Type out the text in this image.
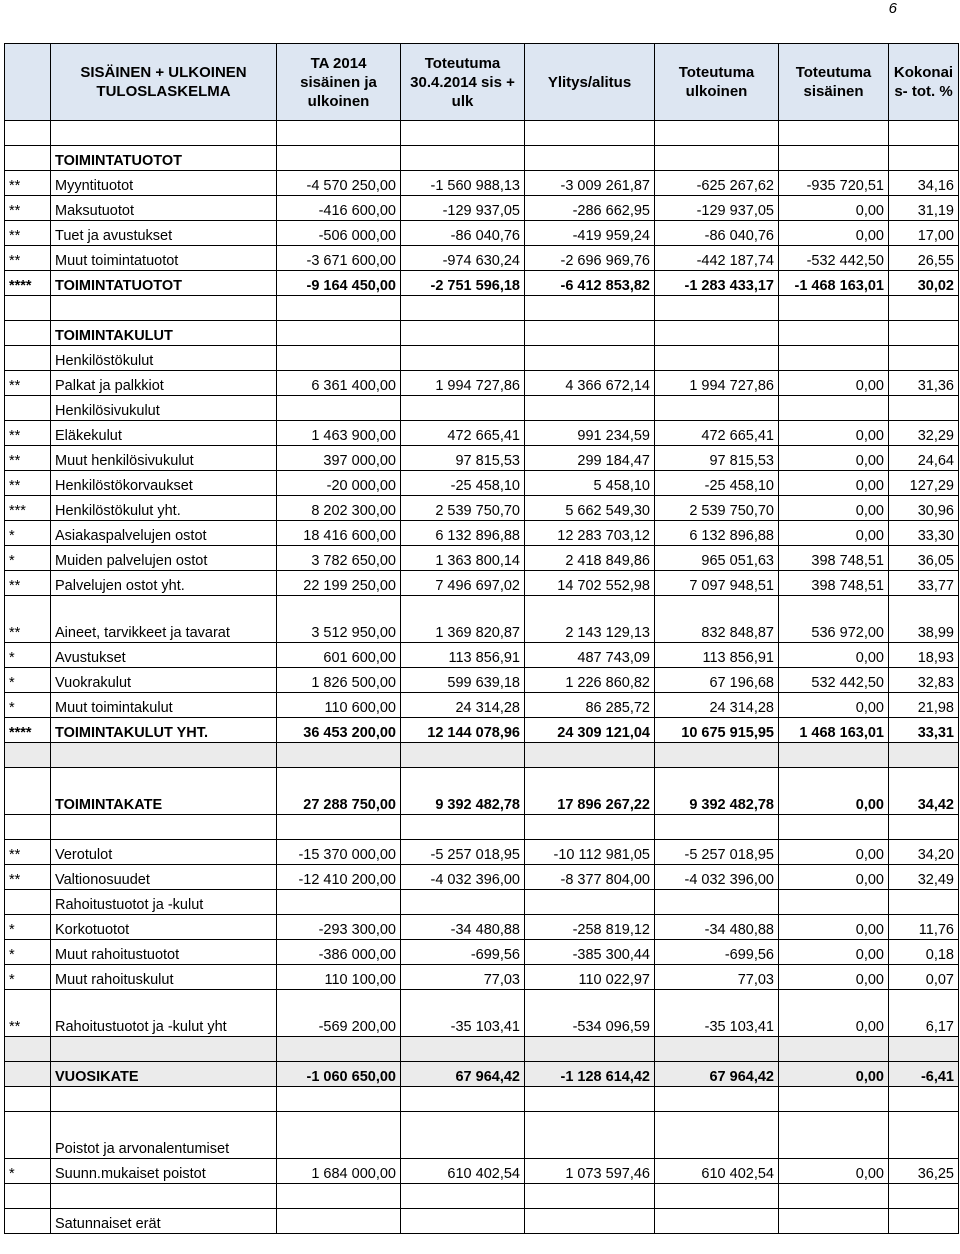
6
	SISÄINEN + ULKOINEN TULOSLASKELMA	TA 2014 sisäinen ja ulkoinen	Toteutuma 30.4.2014 sis + ulk	Ylitys/alitus	Toteutuma ulkoinen	Toteutuma sisäinen	Kokonai s- tot. %

	TOIMINTATUOTOT						
**	Myyntituotot	-4 570 250,00	-1 560 988,13	-3 009 261,87	-625 267,62	-935 720,51	34,16
**	Maksutuotot	-416 600,00	-129 937,05	-286 662,95	-129 937,05	0,00	31,19
**	Tuet ja avustukset	-506 000,00	-86 040,76	-419 959,24	-86 040,76	0,00	17,00
**	Muut toimintatuotot	-3 671 600,00	-974 630,24	-2 696 969,76	-442 187,74	-532 442,50	26,55
****	TOIMINTATUOTOT	-9 164 450,00	-2 751 596,18	-6 412 853,82	-1 283 433,17	-1 468 163,01	30,02

	TOIMINTAKULUT						
	Henkilöstökulut						
**	Palkat ja palkkiot	6 361 400,00	1 994 727,86	4 366 672,14	1 994 727,86	0,00	31,36
	Henkilösivukulut						
**	Eläkekulut	1 463 900,00	472 665,41	991 234,59	472 665,41	0,00	32,29
**	Muut henkilösivukulut	397 000,00	97 815,53	299 184,47	97 815,53	0,00	24,64
**	Henkilöstökorvaukset	-20 000,00	-25 458,10	5 458,10	-25 458,10	0,00	127,29
***	Henkilöstökulut yht.	8 202 300,00	2 539 750,70	5 662 549,30	2 539 750,70	0,00	30,96
*	Asiakaspalvelujen ostot	18 416 600,00	6 132 896,88	12 283 703,12	6 132 896,88	0,00	33,30
*	Muiden palvelujen ostot	3 782 650,00	1 363 800,14	2 418 849,86	965 051,63	398 748,51	36,05
**	Palvelujen ostot yht.	22 199 250,00	7 496 697,02	14 702 552,98	7 097 948,51	398 748,51	33,77
**	Aineet, tarvikkeet ja tavarat	3 512 950,00	1 369 820,87	2 143 129,13	832 848,87	536 972,00	38,99
*	Avustukset	601 600,00	113 856,91	487 743,09	113 856,91	0,00	18,93
*	Vuokrakulut	1 826 500,00	599 639,18	1 226 860,82	67 196,68	532 442,50	32,83
*	Muut toimintakulut	110 600,00	24 314,28	86 285,72	24 314,28	0,00	21,98
****	TOIMINTAKULUT YHT.	36 453 200,00	12 144 078,96	24 309 121,04	10 675 915,95	1 468 163,01	33,31

	TOIMINTAKATE	27 288 750,00	9 392 482,78	17 896 267,22	9 392 482,78	0,00	34,42

**	Verotulot	-15 370 000,00	-5 257 018,95	-10 112 981,05	-5 257 018,95	0,00	34,20
**	Valtionosuudet	-12 410 200,00	-4 032 396,00	-8 377 804,00	-4 032 396,00	0,00	32,49
	Rahoitustuotot ja -kulut						
*	Korkotuotot	-293 300,00	-34 480,88	-258 819,12	-34 480,88	0,00	11,76
*	Muut rahoitustuotot	-386 000,00	-699,56	-385 300,44	-699,56	0,00	0,18
*	Muut rahoituskulut	110 100,00	77,03	110 022,97	77,03	0,00	0,07
**	Rahoitustuotot ja -kulut yht	-569 200,00	-35 103,41	-534 096,59	-35 103,41	0,00	6,17

	VUOSIKATE	-1 060 650,00	67 964,42	-1 128 614,42	67 964,42	0,00	-6,41

	Poistot ja arvonalentumiset						
*	Suunn.mukaiset poistot	1 684 000,00	610 402,54	1 073 597,46	610 402,54	0,00	36,25

	Satunnaiset erät						
